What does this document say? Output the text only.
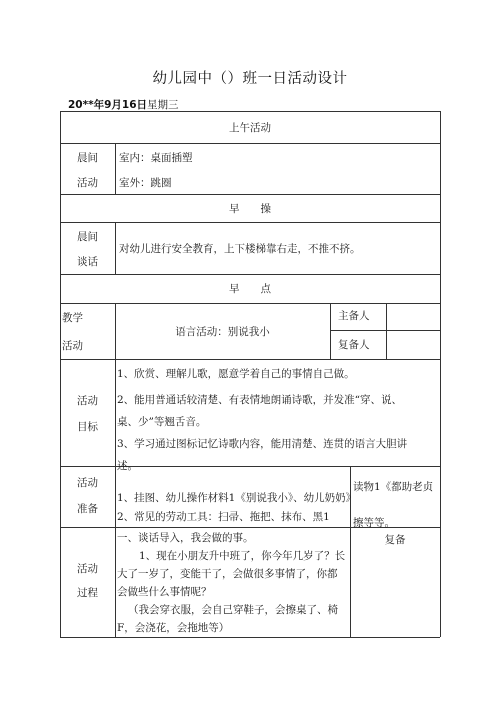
幼儿园中（）班一日活动设计
20**年9月16日星期三
上午活动
晨间
活动
室内：桌面插塑
室外：跳圈
早　　操
晨间
谈话
对幼儿进行安全教育，上下楼梯靠右走，不推不挤。
早　　点
教学
活动
语言活动：别说我小
主备人
复备人
活动
目标
1、欣赏、理解儿歌，愿意学着自己的事情自己做。
2、能用普通话较清楚、有表情地朗诵诗歌，并发准“穿、说、桌、少”等翘舌音。
3、学习通过图标记忆诗歌内容，能用清楚、连贯的语言大胆讲述。
活动
准备
1、挂图、幼儿操作材料1《别说我小》、幼儿奶奶》
2、常见的劳动工具：扫帚、拖把、抹布、黑1
读物1《都助老贞擦等等。
活动
过程
一、谈话导入，我会做的事。
1、现在小朋友升中班了，你今年几岁了？长大了一岁了，变能干了，会做很多事情了，你都会做些什么事情呢？
（我会穿衣服，会自己穿鞋子，会擦桌了、椅F，会浇花，会拖地等）
复备
